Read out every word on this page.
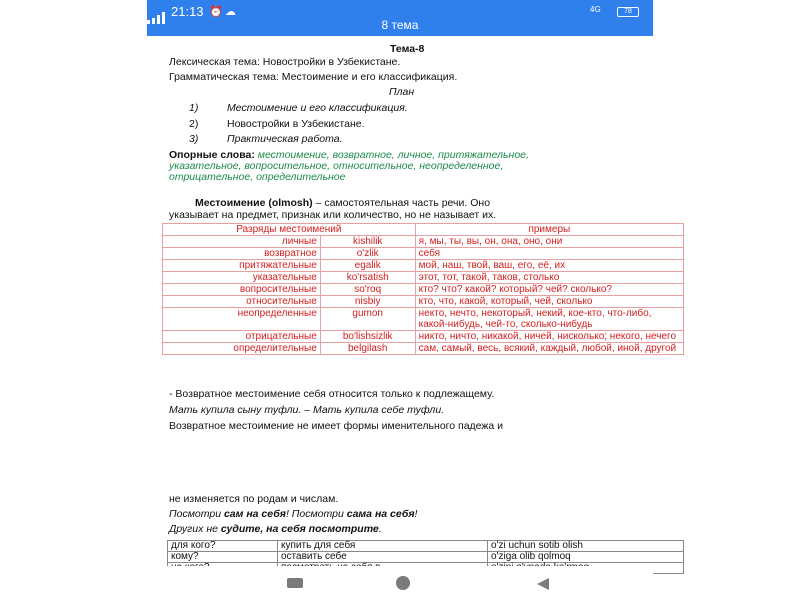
21:13 ⏰ ☁	4G	78
8 тема
Тема-8
Лексическая тема: Новостройки в Узбекистане.
Грамматическая тема: Местоимение и его классификация.
План
1)	Местоимение и его классификация.
2)	Новостройки в Узбекистане.
3)	Практическая работа.
Опорные слова: местоимение, возвратное, личное, притяжательное,
указательное, вопросительное, относительное, неопределенное,
отрицательное, определительное
Местоимение (olmosh) – самостоятельная часть речи. Оно
указывает на предмет, признак или количество, но не называет их.
Разряды местоимений		примеры
личные	kishilik	я, мы, ты, вы, он, она, оно, они
возвратное	o'zlik	себя
притяжательные	egalik	мой, наш, твой, ваш, его, её, их
указательные	ko'rsatish	этот, тот, такой, таков, столько
вопросительные	so'roq	кто? что? какой? который? чей? сколько?
относительные	nisbiy	кто, что, какой, который, чей, сколько
неопределенные	gumon	некто, нечто, некоторый, некий, кое-кто, что-либо, какой-нибудь, чей-то, сколько-нибудь
отрицательные	bo'lishsizlik	никто, ничто, никакой, ничей, нисколько; некого, нечего
определительные	belgilash	сам, самый, весь, всякий, каждый, любой, иной, другой
- Возвратное местоимение себя относится только к подлежащему.
Мать купила сыну туфли. – Мать купила себе туфли.
Возвратное местоимение не имеет формы именительного падежа и
не изменяется по родам и числам.
Посмотри сам на себя! Посмотри сама на себя!
Других не судите, на себя посмотрите.
для кого?	купить для себя	o'zi uchun sotib olish
кому?	оставить себе	o'ziga olib qolmoq
